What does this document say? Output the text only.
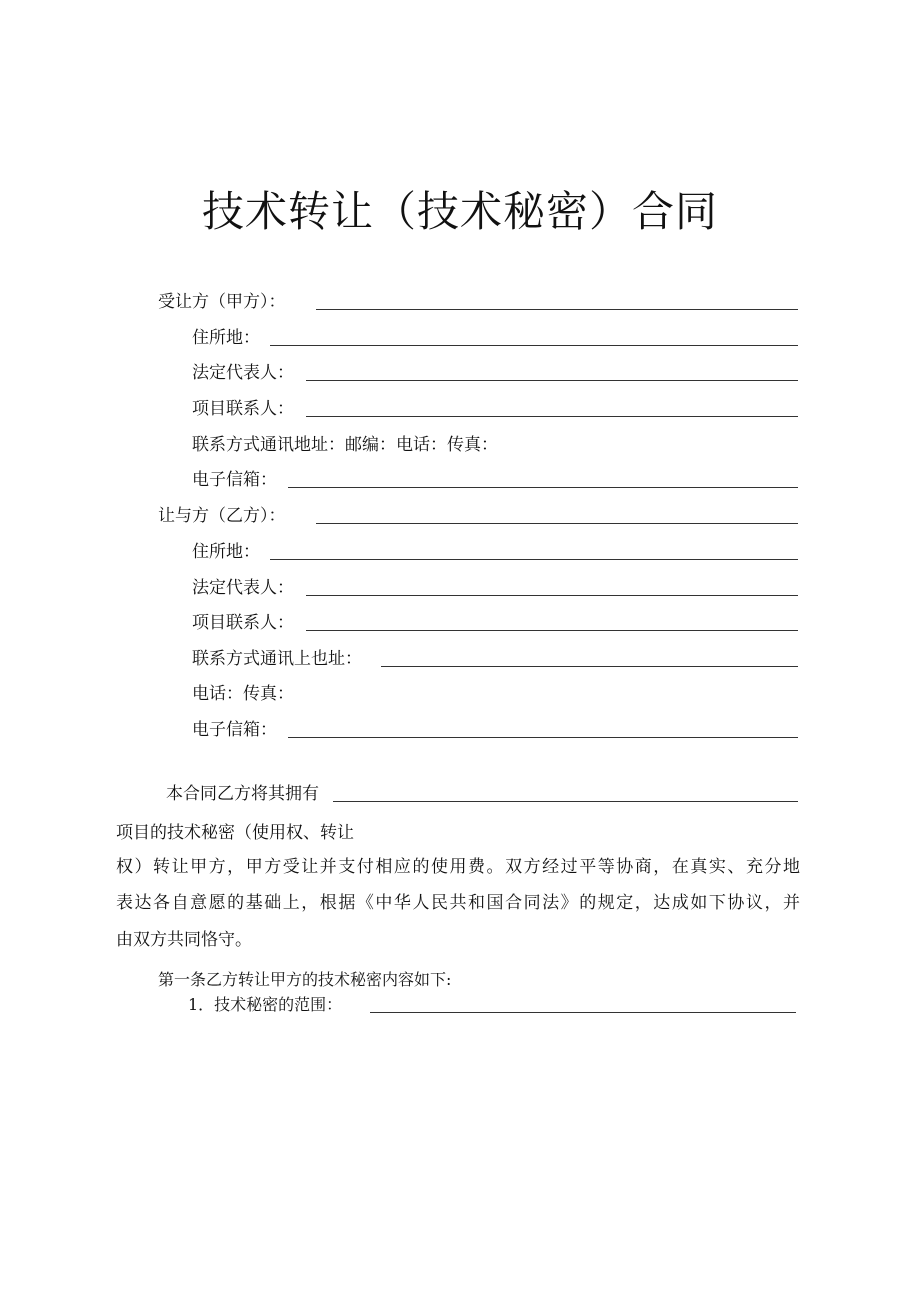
技术转让（技术秘密）合同
受让方（甲方）：
住所地：
法定代表人：
项目联系人：
联系方式通讯地址：邮编：电话：传真：
电子信箱：
让与方（乙方）：
住所地：
法定代表人：
项目联系人：
联系方式通讯上也址：
电话：传真：
电子信箱：
本合同乙方将其拥有
项目的技术秘密（使用权、转让
权）转让甲方，甲方受让并支付相应的使用费。双方经过平等协商，在真实、充分地
表达各自意愿的基础上，根据《中华人民共和国合同法》的规定，达成如下协议，并
由双方共同恪守。
第一条乙方转让甲方的技术秘密内容如下:
1．技术秘密的范围：
